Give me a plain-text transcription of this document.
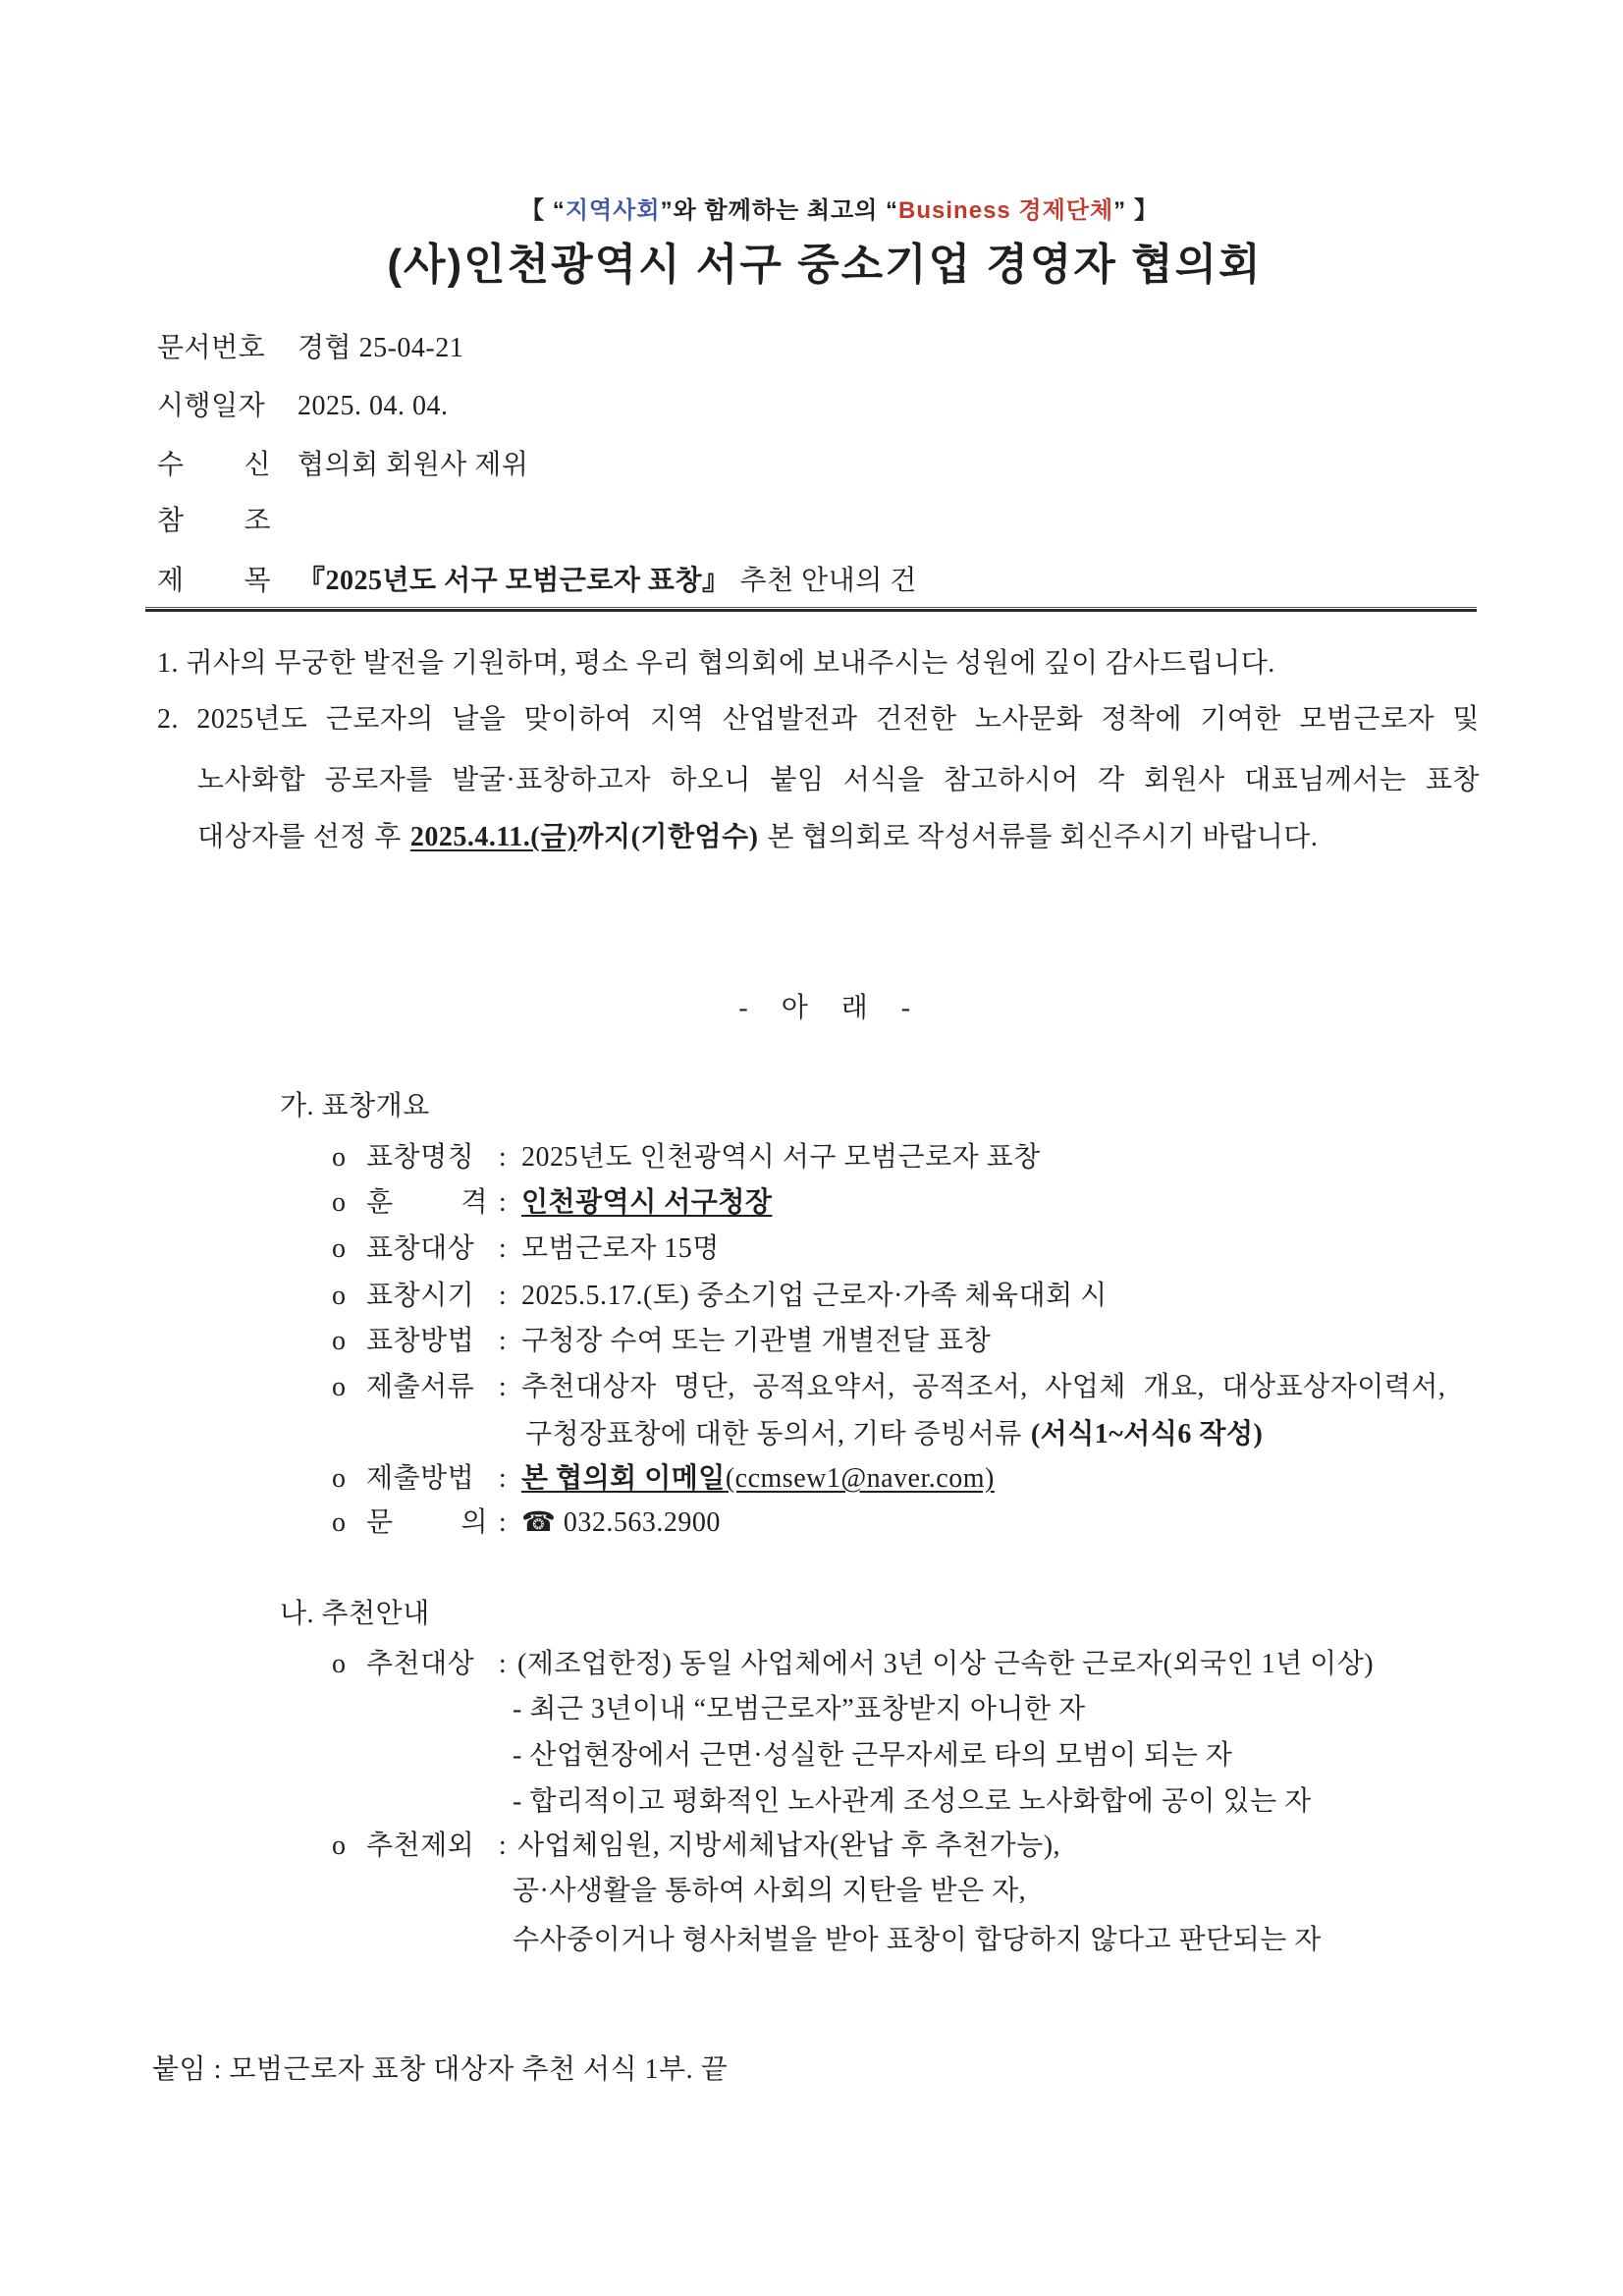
【 “지역사회”와 함께하는 최고의 “Business 경제단체” 】
(사)인천광역시 서구 중소기업 경영자 협의회
문서번호 경협 25-04-21
시행일자 2025. 04. 04.
수 신 협의회 회원사 제위
참 조
제 목 『2025년도 서구 모범근로자 표창』 추천 안내의 건
1. 귀사의 무궁한 발전을 기원하며, 평소 우리 협의회에 보내주시는 성원에 깊이 감사드립니다.
2. 2025년도 근로자의 날을 맞이하여 지역 산업발전과 건전한 노사문화 정착에 기여한 모범근로자 및
노사화합 공로자를 발굴·표창하고자 하오니 붙임 서식을 참고하시어 각 회원사 대표님께서는 표창
대상자를 선정 후 2025.4.11.(금)까지(기한엄수) 본 협의회로 작성서류를 회신주시기 바랍니다.
- 아 래 -
가. 표창개요
o 표창명칭 : 2025년도 인천광역시 서구 모범근로자 표창
o 훈 격 : 인천광역시 서구청장
o 표창대상 : 모범근로자 15명
o 표창시기 : 2025.5.17.(토) 중소기업 근로자·가족 체육대회 시
o 표창방법 : 구청장 수여 또는 기관별 개별전달 표창
o 제출서류 : 추천대상자 명단, 공적요약서, 공적조서, 사업체 개요, 대상표상자이력서,
구청장표창에 대한 동의서, 기타 증빙서류 (서식1~서식6 작성)
o 제출방법 : 본 협의회 이메일(ccmsew1@naver.com)
o 문 의 : ☎ 032.563.2900
나. 추천안내
o 추천대상 : (제조업한정) 동일 사업체에서 3년 이상 근속한 근로자(외국인 1년 이상)
- 최근 3년이내 “모범근로자”표창받지 아니한 자
- 산업현장에서 근면·성실한 근무자세로 타의 모범이 되는 자
- 합리적이고 평화적인 노사관계 조성으로 노사화합에 공이 있는 자
o 추천제외 : 사업체임원, 지방세체납자(완납 후 추천가능),
공·사생활을 통하여 사회의 지탄을 받은 자,
수사중이거나 형사처벌을 받아 표창이 합당하지 않다고 판단되는 자
붙임 : 모범근로자 표창 대상자 추천 서식 1부. 끝
